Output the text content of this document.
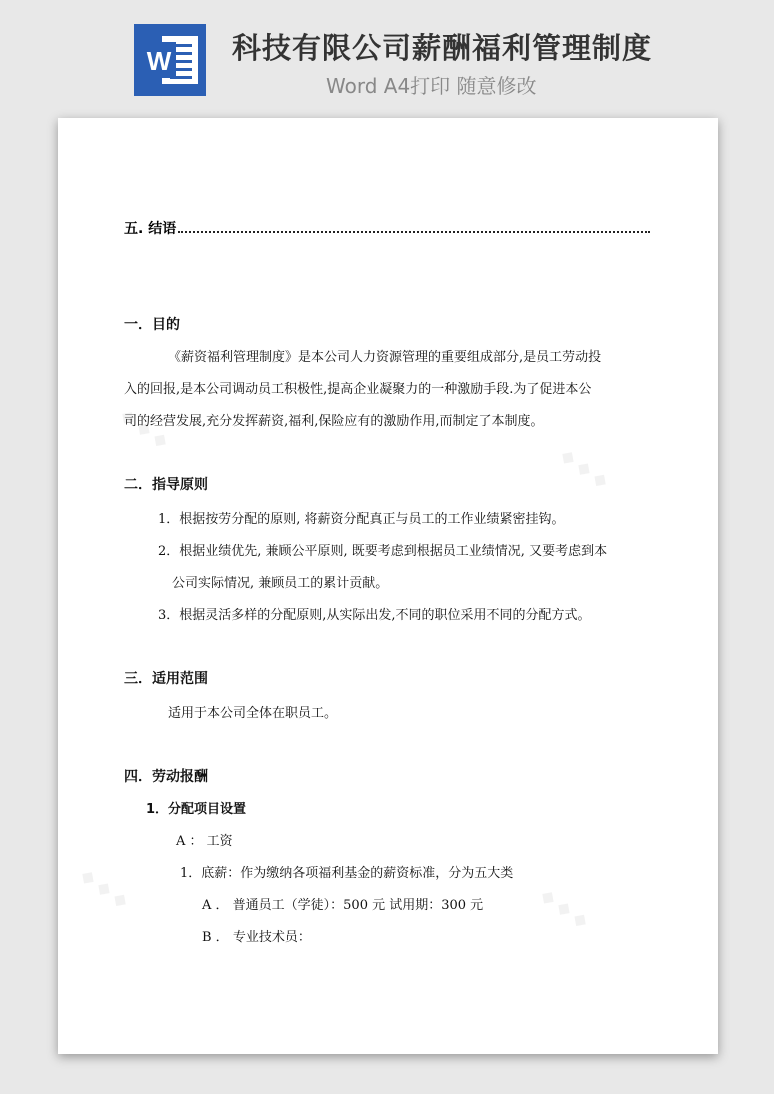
W 科技有限公司薪酬福利管理制度
Word A4打印 随意修改
◆ ◆ ◆
◆ ◆ ◆
◆ ◆ ◆	◆ ◆ ◆
五. 结语
一．目的
《薪资福利管理制度》是本公司人力资源管理的重要组成部分,是员工劳动投
入的回报,是本公司调动员工积极性,提高企业凝聚力的一种激励手段.为了促进本公
司的经营发展,充分发挥薪资,福利,保险应有的激励作用,而制定了本制度。
二．指导原则
1．根据按劳分配的原则, 将薪资分配真正与员工的工作业绩紧密挂钩。
2．根据业绩优先, 兼顾公平原则, 既要考虑到根据员工业绩情况, 又要考虑到本
公司实际情况, 兼顾员工的累计贡献。
3．根据灵活多样的分配原则,从实际出发,不同的职位采用不同的分配方式。
三．适用范围
适用于本公司全体在职员工。
四．劳动报酬
1．分配项目设置
A ： 工资
1．底薪：作为缴纳各项福利基金的薪资标准，分为五大类
A ． 普通员工（学徒）：500 元 试用期：300 元
B ． 专业技术员：
